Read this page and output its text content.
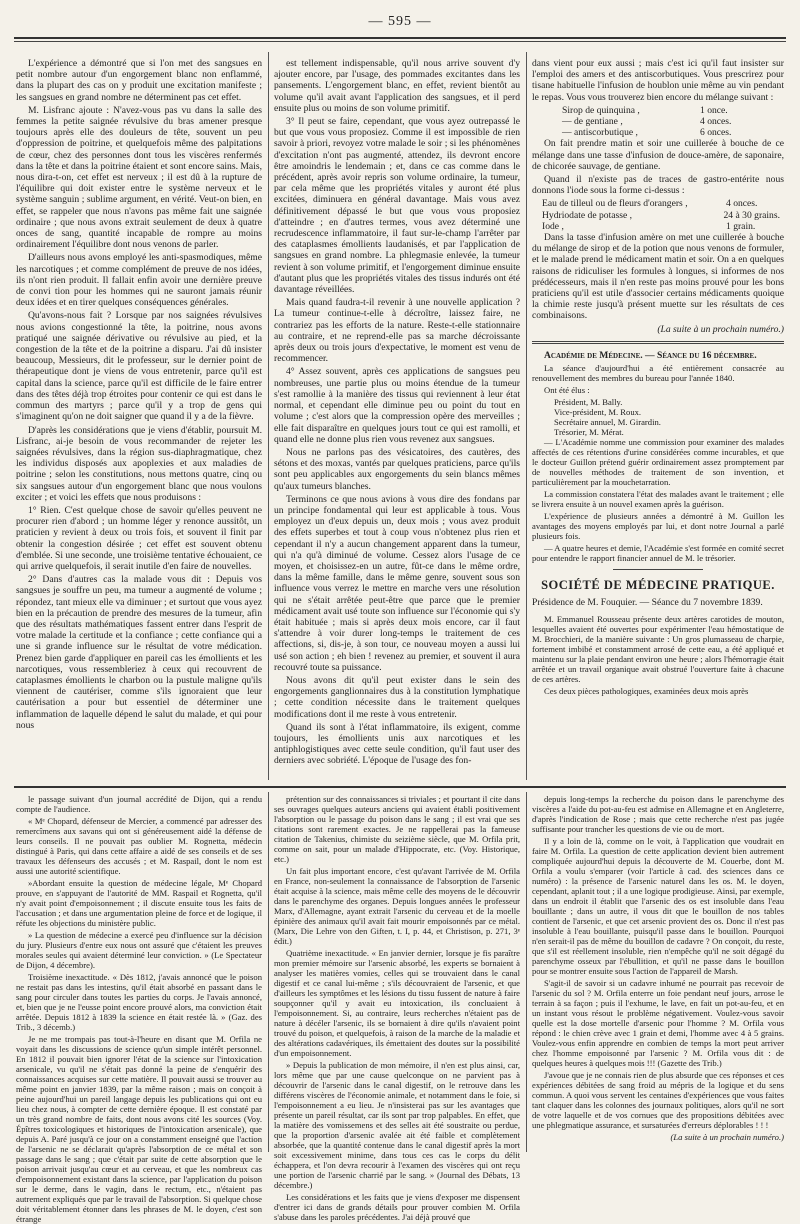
— 595 —

L'expérience a démontré que si l'on met des sangsues en petit nombre autour d'un engorgement blanc non enflammé, dans la plupart des cas on y produit une excitation manifeste ; les sangsues en grand nombre ne déterminent pas cet effet.

M. Lisfranc ajoute : N'avez-vous pas vu dans la salle des femmes la petite saignée révulsive du bras amener presque toujours après elle des douleurs de tête, souvent un peu d'oppression de poitrine, et quelquefois même des palpitations de cœur, chez des personnes dont tous les viscères renfermés dans la tête et dans la poitrine étaient et sont encore sains. Mais, nous dira-t-on, cet effet est nerveux ; il est dû à la rupture de l'équilibre qui doit exister entre le système nerveux et le système sanguin ; sublime argument, en vérité. Veut-on bien, en effet, se rappeler que nous n'avons pas même fait une saignée ordinaire ; que nous avons extrait seulement de deux à quatre onces de sang, quantité incapable de rompre au moins ordinairement l'équilibre dont nous venons de parler.

D'ailleurs nous avons employé les anti-spasmodiques, même les narcotiques ; et comme complément de preuve de nos idées, ils n'ont rien produit. Il fallait enfin avoir une dernière preuve de convi tion pour les hommes qui ne sauront jamais réunir deux idées et en tirer quelques conséquences générales.

Qu'avons-nous fait ? Lorsque par nos saignées révulsives nous avions congestionné la tête, la poitrine, nous avons pratiqué une saignée dérivative ou révulsive au pied, et la congestion de la tête et de la poitrine a disparu. J'ai dû insister beaucoup, Messieurs, dit le professeur, sur le dernier point de thérapeutique dont je viens de vous entretenir, parce qu'il est capital dans la science, parce qu'il est difficile de le faire entrer dans des têtes déjà trop étroites pour contenir ce qui est dans le commun des martyrs ; parce qu'il y a trop de gens qui s'imaginent qu'on ne doit saigner que quand il y a de la fièvre.

D'après les considérations que je viens d'établir, poursuit M. Lisfranc, ai-je besoin de vous recommander de rejeter les saignées révulsives, dans la région sus-diaphragmatique, chez les individus disposés aux apoplexies et aux maladies de poitrine ; selon les constitutions, nous mettons quatre, cinq ou six sangsues autour d'un engorgement blanc que nous voulons exciter ; et voici les effets que nous produisons :

1° Rien. C'est quelque chose de savoir qu'elles peuvent ne procurer rien d'abord ; un homme léger y renonce aussitôt, un praticien y revient à deux ou trois fois, et souvent il finit par obtenir la congestion désirée ; cet effet est souvent obtenu d'emblée. Si une seconde, une troisième tentative échouaient, ce qui arrive quelquefois, il serait inutile d'en faire de nouvelles.

2° Dans d'autres cas la malade vous dit : Depuis vos sangsues je souffre un peu, ma tumeur a augmenté de volume ; répondez, tant mieux elle va diminuer ; et surtout que vous ayez bien en la précaution de prendre des mesures de la tumeur, afin que des résultats mathématiques fassent entrer dans l'esprit de votre malade la certitude et la confiance ; cette confiance qui a une si grande influence sur le résultat de votre médication. Prenez bien garde d'appliquer en pareil cas les émollients et les narcotiques, vous ressembleriez à ceux qui recouvrent de cataplasmes émollients le charbon ou la pustule maligne qu'ils viennent de cautériser, comme s'ils ignoraient que leur cautérisation a pour but essentiel de déterminer une inflammation de laquelle dépend le salut du malade, et qui pour nous

est tellement indispensable, qu'il nous arrive souvent d'y ajouter encore, par l'usage, des pommades excitantes dans les pansements. L'engorgement blanc, en effet, revient bientôt au volume qu'il avait avant l'application des sangsues, et il perd ensuite plus ou moins de son volume primitif.

3° Il peut se faire, cependant, que vous ayez outrepassé le but que vous vous proposiez. Comme il est impossible de rien savoir à priori, revoyez votre malade le soir ; si les phénomènes d'excitation n'ont pas augmenté, attendez, ils devront encore être amoindris le lendemain ; et, dans ce cas comme dans le précédent, après avoir repris son volume ordinaire, la tumeur, par cela même que les propriétés vitales y auront été plus excitées, diminuera en général davantage. Mais vous avez définitivement dépassé le but que vous vous proposiez d'atteindre ; en d'autres termes, vous avez déterminé une recrudescence inflammatoire, il faut sur-le-champ l'arrêter par des cataplasmes émollients laudanisés, et par l'application de sangsues en grand nombre. La phlegmasie enlevée, la tumeur revient à son volume primitif, et l'engorgement diminue ensuite d'autant plus que les propriétés vitales des tissus indurés ont été davantage réveillées.

Mais quand faudra-t-il revenir à une nouvelle application ? La tumeur continue-t-elle à décroître, laissez faire, ne contrariez pas les efforts de la nature. Reste-t-elle stationnaire au contraire, et ne reprend-elle pas sa marche décroissante après deux ou trois jours d'expectative, le moment est venu de recommencer.

4° Assez souvent, après ces applications de sangsues peu nombreuses, une partie plus ou moins étendue de la tumeur s'est ramollie à la manière des tissus qui reviennent à leur état normal, et cependant elle diminue peu ou point du tout en volume ; c'est alors que la compression opère des merveilles ; elle fait disparaître en quelques jours tout ce qui est ramolli, et quand elle ne donne plus rien vous revenez aux sangsues.

Nous ne parlons pas des vésicatoires, des cautères, des sétons et des moxas, vantés par quelques praticiens, parce qu'ils sont peu applicables aux engorgements du sein blancs mêmes qu'aux tumeurs blanches.

Terminons ce que nous avions à vous dire des fondans par un principe fondamental qui leur est applicable à tous. Vous employez un d'eux depuis un, deux mois ; vous avez produit des effets superbes et tout à coup vous n'obtenez plus rien et cependant il n'y a aucun changement apparent dans la tumeur, qui n'a qu'à diminué de volume. Cessez alors l'usage de ce moyen, et choisissez-en un autre, fût-ce dans le même ordre, dans la même famille, dans le même genre, souvent sous son influence vous verrez le mettre en marche vers une résolution qui ne s'était arrêtée peut-être que parce que le premier médicament avait usé toute son influence sur l'économie qui s'y était habituée ; mais si après deux mois encore, car il faut s'attendre à voir durer long-temps le traitement de ces affections, si, dis-je, à son tour, ce nouveau moyen a aussi lui usé son action ; eh bien ! revenez au premier, et souvent il aura recouvré toute sa puissance.

Nous avons dit qu'il peut exister dans le sein des engorgements ganglionnaires dus à la constitution lymphatique ; cette condition nécessite dans le traitement quelques modifications dont il me reste à vous entretenir.

Quand ils sont à l'état inflammatoire, ils exigent, comme toujours, les émollients unis aux narcotiques et les antiphlogistiques avec cette seule condition, qu'il faut user des derniers avec sobriété. L'époque de l'usage des fon-

dans vient pour eux aussi ; mais c'est ici qu'il faut insister sur l'emploi des amers et des antiscorbutiques. Vous prescrirez pour tisane habituelle l'infusion de houblon unie même au vin pendant le repas. Vous vous trouverez bien encore du mélange suivant :

Sirop de quinquina ,	1 once.
— de gentiane ,	4 onces.
— antiscorbutique ,	6 onces.

On fait prendre matin et soir une cuillerée à bouche de ce mélange dans une tasse d'infusion de douce-amère, de saponaire, de chicorée sauvage, de gentiane.

Quand il n'existe pas de traces de gastro-entérite nous donnons l'iode sous la forme ci-dessus :

Eau de tilleul ou de fleurs d'orangers ,	4 onces.
Hydriodate de potasse ,	24 à 30 grains.
Iode ,	1 grain.

Dans la tasse d'infusion amère on met une cuillerée à bouche du mélange de sirop et de la potion que nous venons de formuler, et le malade prend le médicament matin et soir. On a en quelques raisons de ridiculiser les formules à longues, si informes de nos prédécesseurs, mais il n'en reste pas moins prouvé pour les bons praticiens qu'il est utile d'associer certains médicaments quoique la chimie reste jusqu'à présent muette sur les résultats de ces combinaisons.

(La suite à un prochain numéro.)

Académie de Médecine. — Séance du 16 décembre.

La séance d'aujourd'hui a été entièrement consacrée au renouvellement des membres du bureau pour l'année 1840.

Ont été élus :

Président, M. Bally.
Vice-président, M. Roux.
Secrétaire annuel, M. Girardin.
Trésorier, M. Mérat.

— L'Académie nomme une commission pour examiner des malades affectés de ces rétentions d'urine considérées comme incurables, et que le docteur Guillon prétend guérir ordinairement assez promptement par de nouvelles méthodes de traitement de son invention, et particulièrement par la mouchetarration.

La commission constatera l'état des malades avant le traitement ; elle se livrera ensuite à un nouvel examen après la guérison.

L'expérience de plusieurs années a démontré à M. Guillon les avantages des moyens employés par lui, et dont notre Journal a parlé plusieurs fois.

— A quatre heures et demie, l'Académie s'est formée en comité secret pour entendre le rapport financier annuel de M. le trésorier.

SOCIÉTÉ DE MÉDECINE PRATIQUE.

Présidence de M. Fouquier. — Séance du 7 novembre 1839.

M. Emmanuel Rousseau présente deux artères carotides de mouton, lesquelles avaient été ouvertes pour expérimenter l'eau hémostatique de M. Brocchieri, de la manière suivante : Un gros plumasseau de charpie, fortement imbibé et constamment arrosé de cette eau, a été appliqué et maintenu sur la plaie pendant environ une heure ; alors l'hémorragie était arrêtée et un travail organique avait obstrué l'ouverture faite à chacune de ces artères.

Ces deux pièces pathologiques, examinées deux mois après

le passage suivant d'un journal accrédité de Dijon, qui a rendu compte de l'audience.

« Mᵉ Chopard, défenseur de Mercier, a commencé par adresser des remercîmens aux savans qui ont si généreusement aidé la défense de leurs conseils. Il ne pouvait pas oublier M. Rognetta, médecin distingué à Paris, qui dans cette affaire a aidé de ses conseils et de ses travaux les défenseurs des accusés ; et M. Raspail, dont le nom est aussi une autorité scientifique.

»Abordant ensuite la question de médecine légale, Mᵉ Chopard prouve, en s'appuyant de l'autorité de MM. Raspail et Rognetta, qu'il n'y avait point d'empoisonnement ; il discute ensuite tous les faits de l'accusation ; et dans une argumentation pleine de force et de logique, il réfute les objections du ministère public.

» La question de médecine a exercé peu d'influence sur la décision du jury. Plusieurs d'entre eux nous ont assuré que c'étaient les preuves morales seules qui avaient déterminé leur conviction. » (Le Spectateur de Dijon, 4 décembre).

Troisième inexactitude. « Dès 1812, j'avais annoncé que le poison ne restait pas dans les intestins, qu'il était absorbé en passant dans le sang pour circuler dans toutes les parties du corps. Je l'avais annoncé, et, bien que je ne l'eusse point encore prouvé alors, ma conviction était arrêtée. Depuis 1812 à 1839 la science en était restée là. » (Gaz. des Trib., 3 décemb.)

Je ne me trompais pas tout-à-l'heure en disant que M. Orfila ne voyait dans les discussions de science qu'un simple intérêt personnel. En 1812 il pouvait bien ignorer l'état de la science sur l'intoxication arsenicale, vu qu'il ne s'était pas donné la peine de s'enquérir des connaissances acquises sur cette matière. Il pouvait aussi se trouver au même point en janvier 1839, par la même raison ; mais on conçoit à peine aujourd'hui un pareil langage depuis les publications qui ont eu lieu chez nous, à compter de cette dernière époque. Il est constaté par un très grand nombre de faits, dont nous avons cité les sources (Voy. Épîtres toxicologiques et historiques de l'intoxication arsenicale), que depuis A. Paré jusqu'à ce jour on a constamment enseigné que l'action de l'arsenic ne se déclarait qu'après l'absorption de ce métal et son passage dans le sang ; que c'était par suite de cette absorption que le poison arrivait jusqu'au cœur et au cerveau, et que les nombreux cas d'empoisonnement existant dans la science, par l'application du poison sur le derme, dans le vagin, dans le rectum, etc., n'étaient pas autrement expliqués que par le travail de l'absorption. Si quelque chose doit véritablement étonner dans les phrases de M. le doyen, c'est son étrange

prétention sur des connaissances si triviales ; et pourtant il cite dans ses ouvrages quelques auteurs anciens qui avaient établi positivement l'absorption ou le passage du poison dans le sang ; il est vrai que ses citations sont rarement exactes. Je ne rappellerai pas la fameuse citation de Takenius, chimiste du seizième siècle, que M. Orfila prit, comme on sait, pour un malade d'Hippocrate, etc. (Voy. Historique, etc.)

Un fait plus important encore, c'est qu'avant l'arrivée de M. Orfila en France, non-seulement la connaissance de l'absorption de l'arsenic était acquise à la science, mais même celle des moyens de le découvrir dans le parenchyme des organes. Depuis longues années le professeur Marx, d'Allemagne, ayant extrait l'arsenic du cerveau et de la moelle épinière des animaux qu'il avait fait mourir empoisonnés par ce métal. (Marx, Die Lehre von den Giften, t. I, p. 44, et Christison, p. 271, 3ᵉ édit.)

Quatrième inexactitude. « En janvier dernier, lorsque je fis paraître mon premier mémoire sur l'arsenic absorbé, les experts se bornaient à analyser les matières vomies, celles qui se trouvaient dans le canal digestif et ce canal lui-même ; s'ils découvraient de l'arsenic, et que d'ailleurs les symptômes et les lésions du tissu fussent de nature à faire soupçonner qu'il y avait eu intoxication, ils concluaient à l'empoisonnement. Si, au contraire, leurs recherches n'étaient pas de nature à décéler l'arsenic, ils se bornaient à dire qu'ils n'avaient point trouvé du poison, et quelquefois, à raison de la marche de la maladie et des altérations cadavériques, ils émettaient des doutes sur la possibilité d'un empoisonnement.

» Depuis la publication de mon mémoire, il n'en est plus ainsi, car, lors même que par une cause quelconque on ne parvient pas à découvrir de l'arsenic dans le canal digestif, on le retrouve dans les différens viscères de l'économie animale, et notamment dans le foie, si l'empoisonnement a eu lieu. Je n'insisterai pas sur les avantages que présente un pareil résultat, car ils sont par trop palpables. En effet, que la matière des vomissemens et des selles ait été soustraite ou perdue, que la proportion d'arsenic avalée ait été faible et complètement absorbée, que la quantité contenue dans le canal digestif après la mort soit excessivement minime, dans tous ces cas le corps du délit échappera, et l'on devra recourir à l'examen des viscères qui ont reçu une portion de l'arsenic charrié par le sang. » (Journal des Débats, 13 décembre.)

Les considérations et les faits que je viens d'exposer me dispensent d'entrer ici dans de grands détails pour prouver combien M. Orfila s'abuse dans les paroles précédentes. J'ai déjà prouvé que

depuis long-temps la recherche du poison dans le parenchyme des viscères a l'aide du pot-au-feu est admise en Allemagne et en Angleterre, d'après l'indication de Rose ; mais que cette recherche n'est pas jugée suffisante pour trancher les questions de vie ou de mort.

Il y a loin de là, comme on le voit, à l'application que voudrait en faire M. Orfila. La question de cette application devient bien autrement compliquée aujourd'hui depuis la découverte de M. Couerbe, dont M. Orfila a voulu s'emparer (voir l'article à cad. des sciences dans ce numéro) : la présence de l'arsenic naturel dans les os. M. le doyen, cependant, aplanit tout ; il a une logique prodigieuse. Ainsi, par exemple, dans un endroit il établit que l'arsenic des os est insoluble dans l'eau bouillante ; dans un autre, il vous dit que le bouillon de nos tables contient de l'arsenic, et que cet arsenic provient des os. Donc il n'est pas insoluble à l'eau bouillante, puisqu'il passe dans le bouillon. Pourquoi n'en serait-il pas de même du bouillon de cadavre ? On conçoit, du reste, que s'il est réellement insoluble, rien n'empêche qu'il ne soit dégagé du parenchyme osseux par l'ébullition, et qu'il ne passe dans le bouillon pour se montrer ensuite sous l'action de l'appareil de Marsh.

S'agit-il de savoir si un cadavre inhumé ne pourrait pas recevoir de l'arsenic du sol ? M. Orfila enterre un foie pendant neuf jours, arrose le terrain à sa façon ; puis il l'exhume, le lave, en fait un pot-au-feu, et en un instant vous résout le problème négativement. Voulez-vous savoir quelle est la dose mortelle d'arsenic pour l'homme ? M. Orfila vous répond : le chien crève avec 1 grain et demi, l'homme avec 4 à 5 grains. Voulez-vous enfin apprendre en combien de temps la mort peut arriver chez l'homme empoisonné par l'arsenic ? M. Orfila vous dit : de quelques heures à quelques mois !!! (Gazette des Trib.)

J'avoue que je ne connais rien de plus absurde que ces réponses et ces expériences débitées de sang froid au mépris de la logique et du sens commun. A quoi vous servent les centaines d'expériences que vous faites tant claquer dans les colonnes des journaux politiques, alors qu'il ne sort de votre laquelle et de vos cornues que des propositions débitées avec une phlegmatique assurance, et sursaturées d'erreurs déplorables ! ! !

(La suite à un prochain numéro.)
